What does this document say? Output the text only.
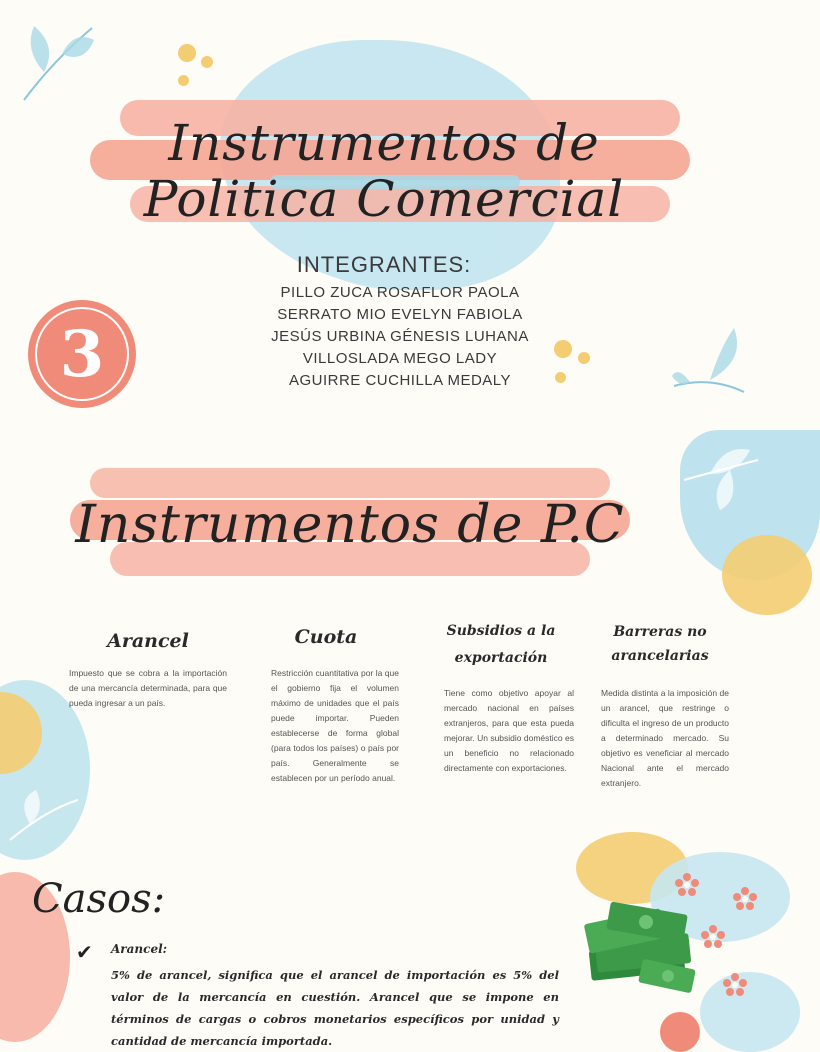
Instrumentos de
Politica Comercial
INTEGRANTES:
PILLO ZUCA ROSAFLOR PAOLA
SERRATO MIO EVELYN FABIOLA
JESÚS URBINA GÉNESIS LUHANA
VILLOSLADA MEGO LADY
AGUIRRE CUCHILLA MEDALY
3
Instrumentos de P.C
Arancel
Impuesto que se cobra a la importación de una mercancía determinada, para que pueda ingresar a un país.
Cuota
Restricción cuantitativa por la que el gobierno fija el volumen máximo de unidades que el país puede importar. Pueden establecerse de forma global (para todos los países) o país por país. Generalmente se establecen por un período anual.
Subsidios a la exportación
Tiene como objetivo apoyar al mercado nacional en países extranjeros, para que esta pueda mejorar. Un subsidio doméstico es un beneficio no relacionado directamente con exportaciones.
Barreras no arancelarias
Medida distinta a la imposición de un arancel, que restringe o dificulta el ingreso de un producto a determinado mercado. Su objetivo es veneficiar al mercado Nacional ante el mercado extranjero.
Casos:
✔ Arancel:
5% de arancel, significa que el arancel de importación es 5% del valor de la mercancía en cuestión. Arancel que se impone en términos de cargas o cobros monetarios específicos por unidad y cantidad de mercancía importada.
